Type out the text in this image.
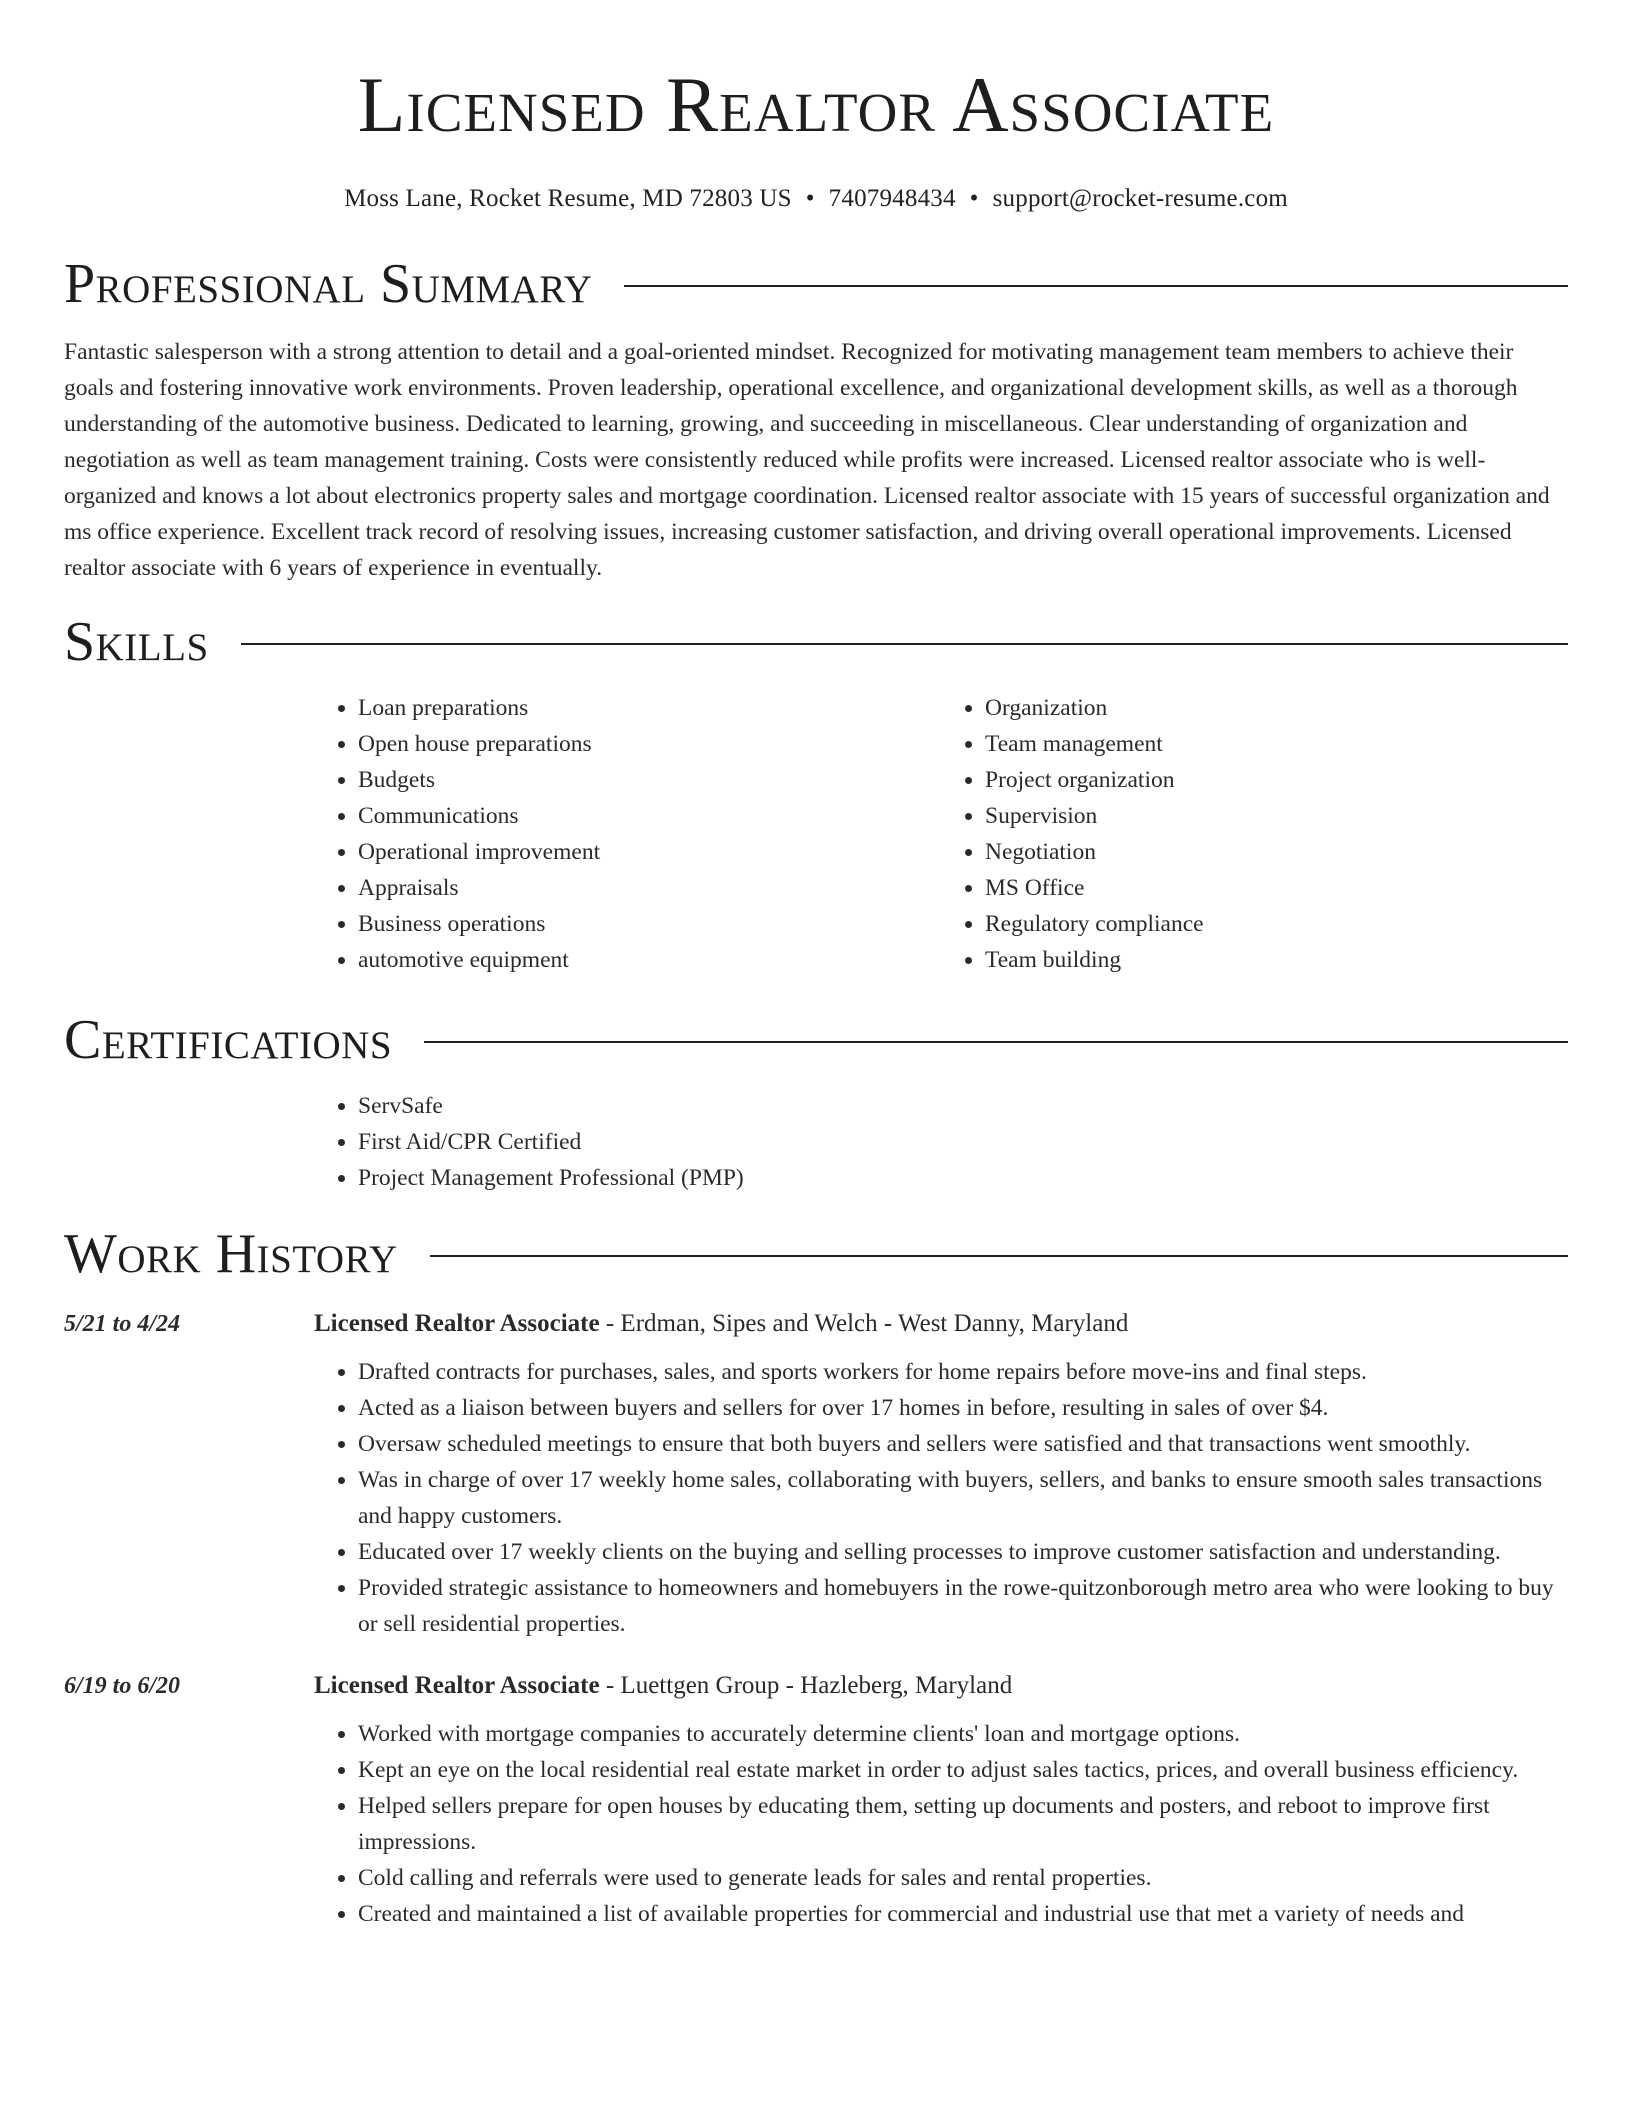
Licensed Realtor Associate
Moss Lane, Rocket Resume, MD 72803 US • 7407948434 • support@rocket-resume.com
Professional Summary

Fantastic salesperson with a strong attention to detail and a goal-oriented mindset. Recognized for motivating management team members to achieve their goals and fostering innovative work environments. Proven leadership, operational excellence, and organizational development skills, as well as a thorough understanding of the automotive business. Dedicated to learning, growing, and succeeding in miscellaneous. Clear understanding of organization and negotiation as well as team management training. Costs were consistently reduced while profits were increased. Licensed realtor associate who is well-organized and knows a lot about electronics property sales and mortgage coordination. Licensed realtor associate with 15 years of successful organization and ms office experience. Excellent track record of resolving issues, increasing customer satisfaction, and driving overall operational improvements. Licensed realtor associate with 6 years of experience in eventually.

Skills
• Loan preparations
• Open house preparations
• Budgets
• Communications
• Operational improvement
• Appraisals
• Business operations
• automotive equipment
• Organization
• Team management
• Project organization
• Supervision
• Negotiation
• MS Office
• Regulatory compliance
• Team building
Certifications
• ServSafe
• First Aid/CPR Certified
• Project Management Professional (PMP)
Work History
5/21 to 4/24	Licensed Realtor Associate - Erdman, Sipes and Welch - West Danny, Maryland
• Drafted contracts for purchases, sales, and sports workers for home repairs before move-ins and final steps.
• Acted as a liaison between buyers and sellers for over 17 homes in before, resulting in sales of over $4.
• Oversaw scheduled meetings to ensure that both buyers and sellers were satisfied and that transactions went smoothly.
• Was in charge of over 17 weekly home sales, collaborating with buyers, sellers, and banks to ensure smooth sales transactions and happy customers.
• Educated over 17 weekly clients on the buying and selling processes to improve customer satisfaction and understanding.
• Provided strategic assistance to homeowners and homebuyers in the rowe-quitzonborough metro area who were looking to buy or sell residential properties.
6/19 to 6/20	Licensed Realtor Associate - Luettgen Group - Hazleberg, Maryland
• Worked with mortgage companies to accurately determine clients' loan and mortgage options.
• Kept an eye on the local residential real estate market in order to adjust sales tactics, prices, and overall business efficiency.
• Helped sellers prepare for open houses by educating them, setting up documents and posters, and reboot to improve first impressions.
• Cold calling and referrals were used to generate leads for sales and rental properties.
• Created and maintained a list of available properties for commercial and industrial use that met a variety of needs and
